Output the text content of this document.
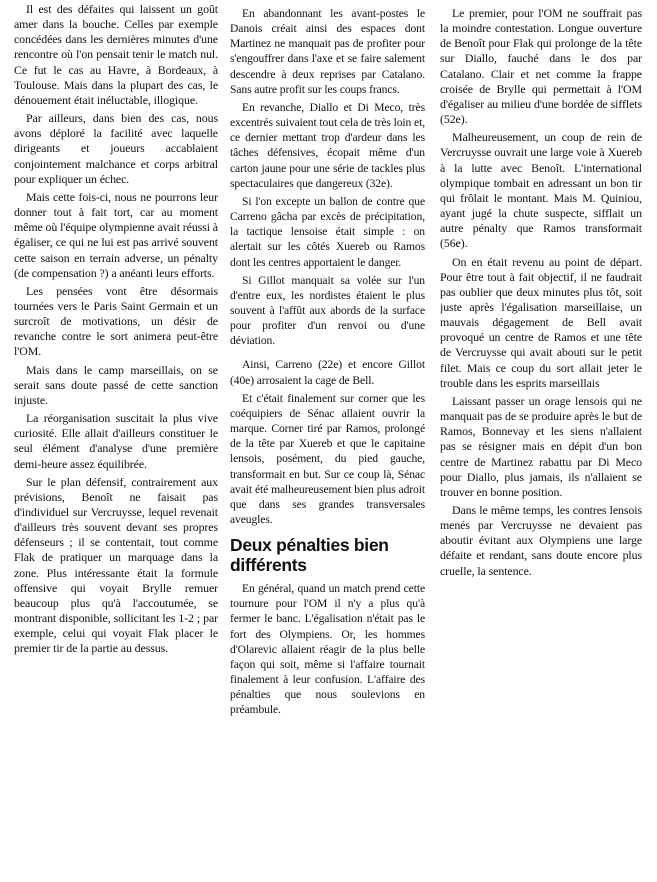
Il est des défaites qui laissent un goût amer dans la bouche. Celles par exemple concédées dans les dernières minutes d'une rencontre où l'on pensait tenir le match nul. Ce fut le cas au Havre, à Bordeaux, à Toulouse. Mais dans la plupart des cas, le dénouement était inéluctable, illogique.

Par ailleurs, dans bien des cas, nous avons déploré la facilité avec laquelle dirigeants et joueurs accablaient conjointement malchance et corps arbitral pour expliquer un échec.

Mais cette fois-ci, nous ne pourrons leur donner tout à fait tort, car au moment même où l'équipe olympienne avait réussi à égaliser, ce qui ne lui est pas arrivé souvent cette saison en terrain adverse, un pénalty (de compensation ?) a anéanti leurs efforts.

Les pensées vont être désormais tournées vers le Paris Saint Germain et un surcroît de motivations, un désir de revanche contre le sort animera peut-être l'OM.

Mais dans le camp marseillais, on se serait sans doute passé de cette sanction injuste.

La réorganisation suscitait la plus vive curiosité. Elle allait d'ailleurs constituer le seul élément d'analyse d'une première demi-heure assez équilibrée.

Sur le plan défensif, contrairement aux prévisions, Benoît ne faisait pas d'individuel sur Vercruysse, lequel revenait d'ailleurs très souvent devant ses propres défenseurs ; il se contentait, tout comme Flak de pratiquer un marquage dans la zone. Plus intéressante était la formule offensive qui voyait Brylle remuer beaucoup plus qu'à l'accoutumée, se montrant disponible, sollicitant les 1-2 ; par exemple, celui qui voyait Flak placer le premier tir de la partie au dessus.

En abandonnant les avant-postes le Danois créait ainsi des espaces dont Martinez ne manquait pas de profiter pour s'engouffrer dans l'axe et se faire salement descendre à deux reprises par Catalano. Sans autre profit sur les coups francs.

En revanche, Diallo et Di Meco, très excentrés suivaient tout cela de très loin et, ce dernier mettant trop d'ardeur dans les tâches défensives, écopait même d'un carton jaune pour une série de tackles plus spectaculaires que dangereux (32e).

Si l'on excepte un ballon de contre que Carreno gâcha par excès de précipitation, la tactique lensoise était simple : on alertait sur les côtés Xuereb ou Ramos dont les centres apportaient le danger.

Si Gillot manquait sa volée sur l'un d'entre eux, les nordistes étaient le plus souvent à l'affût aux abords de la surface pour profiter d'un renvoi ou d'une déviation.

Ainsi, Carreno (22e) et encore Gillot (40e) arrosaient la cage de Bell.

Et c'était finalement sur corner que les coéquipiers de Sénac allaient ouvrir la marque. Corner tiré par Ramos, prolongé de la tête par Xuereb et que le capitaine lensois, posément, du pied gauche, transformait en but. Sur ce coup là, Sénac avait été malheureusement bien plus adroit que dans ses grandes transversales aveugles.

Deux pénalties bien différents

En général, quand un match prend cette tournure pour l'OM il n'y a plus qu'à fermer le banc. L'égalisation n'était pas le fort des Olympiens. Or, les hommes d'Olarevic allaient réagir de la plus belle façon qui soit, même si l'affaire tournait finalement à leur confusion. L'affaire des pénalties que nous soulevions en préambule.

Le premier, pour l'OM ne souffrait pas la moindre contestation. Longue ouverture de Benoît pour Flak qui prolonge de la tête sur Diallo, fauché dans le dos par Catalano. Clair et net comme la frappe croisée de Brylle qui permettait à l'OM d'égaliser au milieu d'une bordée de sifflets (52e).

Malheureusement, un coup de rein de Vercruysse ouvrait une large voie à Xuereb à la lutte avec Benoît. L'international olympique tombait en adressant un bon tir qui frôlait le montant. Mais M. Quiniou, ayant jugé la chute suspecte, sifflait un autre pénalty que Ramos transformait (56e).

On en était revenu au point de départ. Pour être tout à fait objectif, il ne faudrait pas oublier que deux minutes plus tôt, soit juste après l'égalisation marseillaise, un mauvais dégagement de Bell avait provoqué un centre de Ramos et une tête de Vercruysse qui avait abouti sur le petit filet. Mais ce coup du sort allait jeter le trouble dans les esprits marseillais

Laissant passer un orage lensois qui ne manquait pas de se produire après le but de Ramos, Bonnevay et les siens n'allaient pas se résigner mais en dépit d'un bon centre de Martinez rabattu par Di Meco pour Diallo, plus jamais, ils n'allaient se trouver en bonne position.

Dans le même temps, les contres lensois menés par Vercruysse ne devaient pas aboutir évitant aux Olympiens une large défaite et rendant, sans doute encore plus cruelle, la sentence.
